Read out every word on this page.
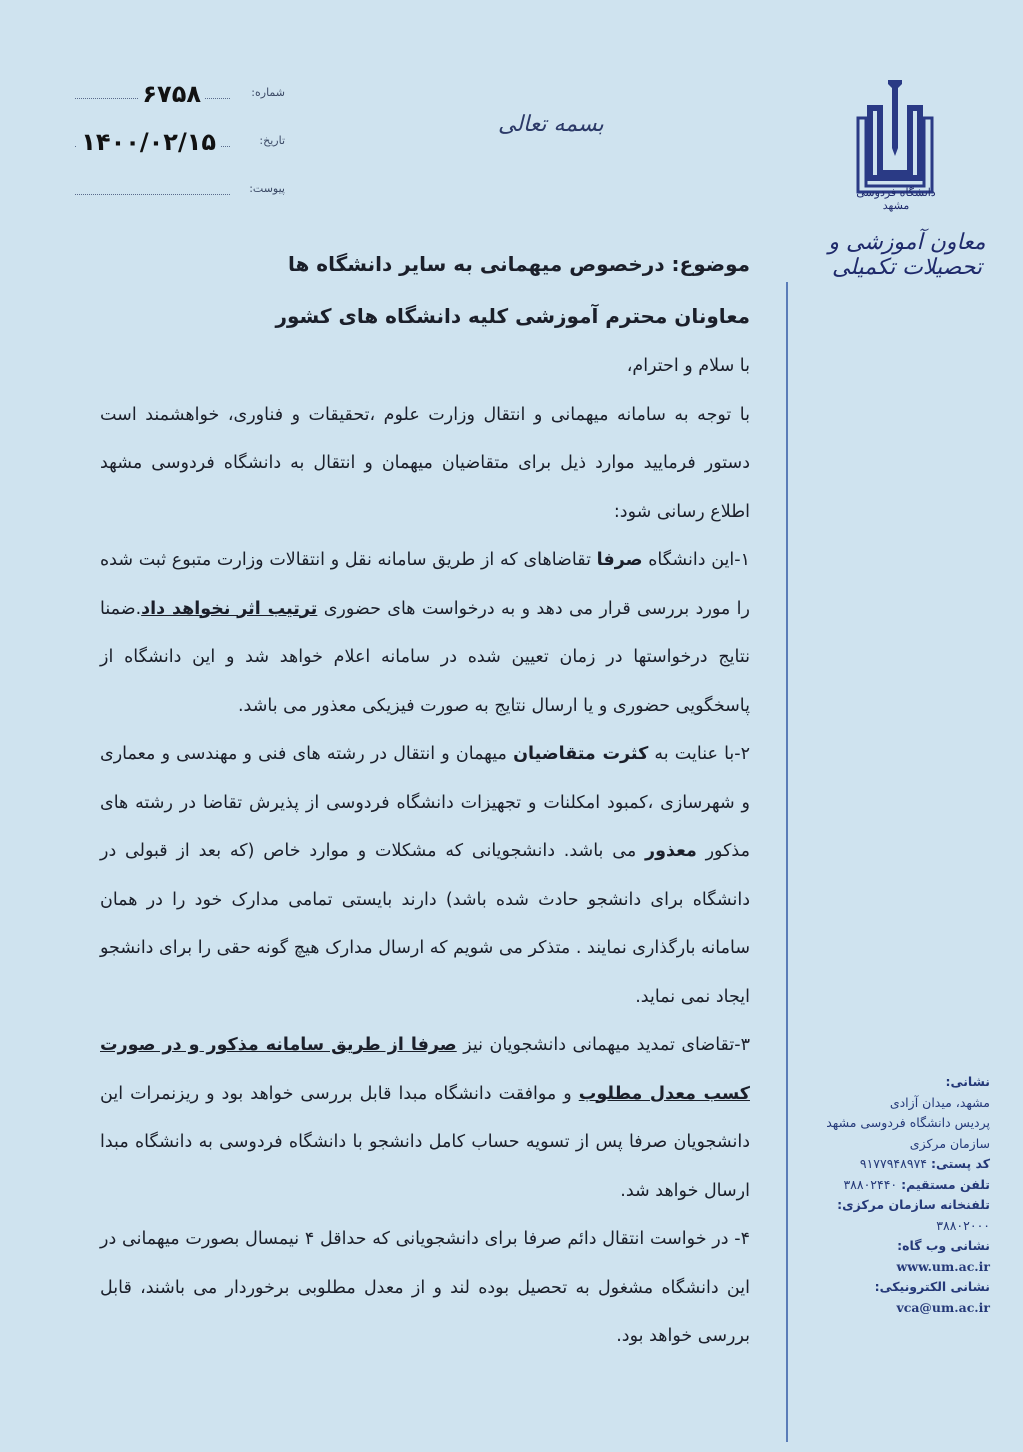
شماره:
۶۷۵۸
تاریخ:
۱۴۰۰/۰۲/۱۵
پیوست:
بسمه تعالی
دانشگاه فردوسی مشهد
معاون آموزشی و تحصیلات تکمیلی

موضوع: درخصوص میهمانی به سایر دانشگاه ها

معاونان محترم آموزشی کلیه دانشگاه های کشور

با سلام و احترام،

با توجه به سامانه میهمانی و انتقال وزارت علوم ،تحقیقات و فناوری، خواهشمند است دستور فرمایید موارد ذیل برای متقاضیان میهمان و انتقال به دانشگاه فردوسی مشهد اطلاع رسانی شود:

۱-این دانشگاه صرفا تقاضاهای که از طریق سامانه نقل و انتقالات وزارت متبوع ثبت شده را مورد بررسی قرار می دهد و به درخواست های حضوری ترتیب اثر نخواهد داد.ضمنا نتایج درخواستها در زمان تعیین شده در سامانه اعلام خواهد شد و این دانشگاه از پاسخگویی حضوری و یا ارسال نتایج به صورت فیزیکی معذور می باشد.

۲-با عنایت به کثرت متقاضیان میهمان و انتقال در رشته های فنی و مهندسی و معماری و شهرسازی ،کمبود امکلنات و تجهیزات دانشگاه فردوسی از پذیرش تقاضا در رشته های مذکور معذور می باشد. دانشجویانی که مشکلات و موارد خاص (که بعد از قبولی در دانشگاه برای دانشجو حادث شده باشد) دارند بایستی تمامی مدارک خود را در همان سامانه بارگذاری نمایند . متذکر می شویم که ارسال مدارک هیچ گونه حقی را برای دانشجو ایجاد نمی نماید.

۳-تقاضای تمدید میهمانی دانشجویان نیز صرفا از طریق سامانه مذکور و در صورت کسب معدل مطلوب و موافقت دانشگاه مبدا قابل بررسی خواهد بود و ریزنمرات این دانشجویان صرفا پس از تسویه حساب کامل دانشجو با دانشگاه فردوسی به دانشگاه مبدا ارسال خواهد شد.

۴- در خواست انتقال دائم صرفا برای دانشجویانی که حداقل ۴ نیمسال بصورت میهمانی در این دانشگاه مشغول به تحصیل بوده لند و از معدل مطلوبی برخوردار می باشند، قابل بررسی خواهد بود.

نشانی:
مشهد، میدان آزادی
پردیس دانشگاه فردوسی مشهد
سازمان مرکزی
کد پستی: ۹۱۷۷۹۴۸۹۷۴
تلفن مستقیم: ۳۸۸۰۲۴۴۰
تلفنخانه سازمان مرکزی:
۳۸۸۰۲۰۰۰
نشانی وب گاه:
www.um.ac.ir
نشانی الکترونیکی:
vca@um.ac.ir
